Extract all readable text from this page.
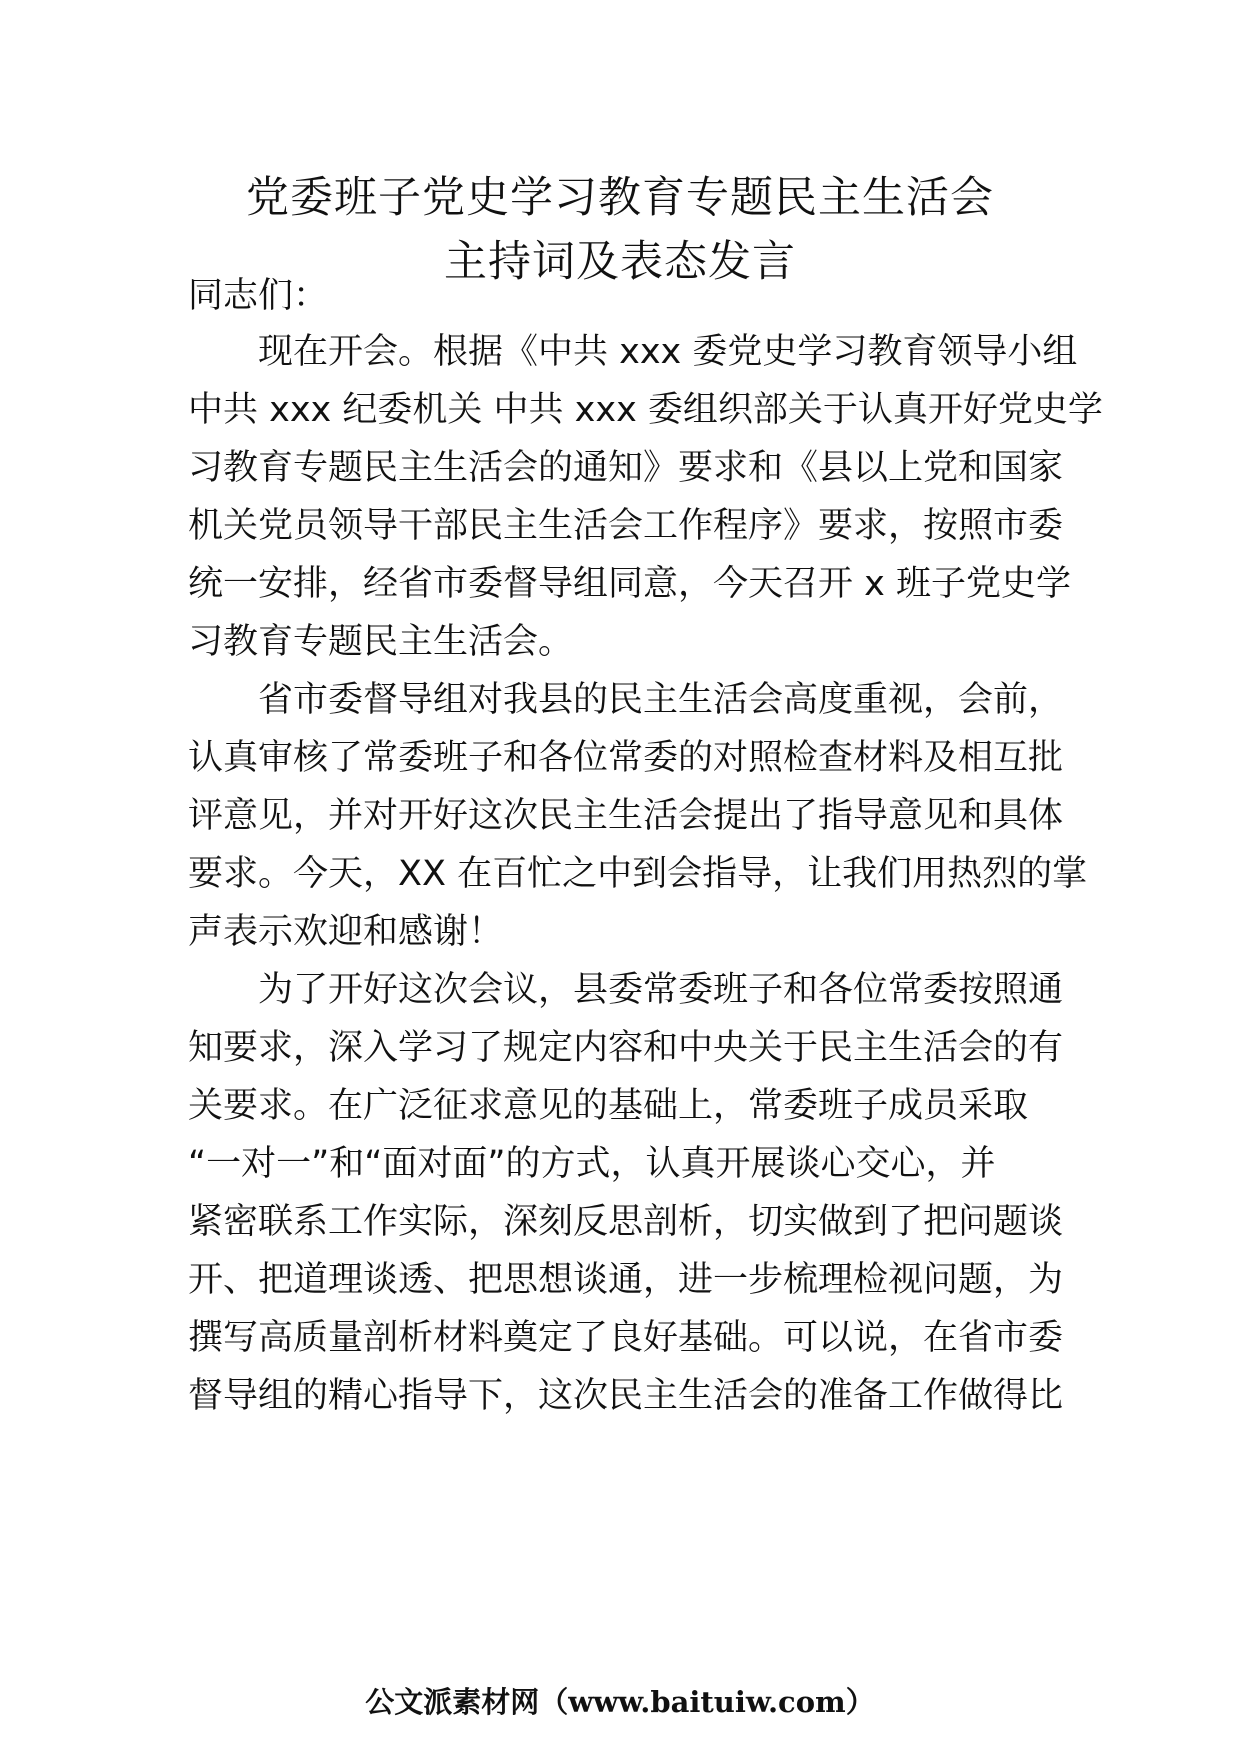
党委班子党史学习教育专题民主生活会
主持词及表态发言
同志们：
　　现在开会。根据《中共 xxx 委党史学习教育领导小组
中共 xxx 纪委机关 中共 xxx 委组织部关于认真开好党史学
习教育专题民主生活会的通知》要求和《县以上党和国家
机关党员领导干部民主生活会工作程序》要求，按照市委
统一安排，经省市委督导组同意，今天召开 x 班子党史学
习教育专题民主生活会。
　　省市委督导组对我县的民主生活会高度重视，会前，
认真审核了常委班子和各位常委的对照检查材料及相互批
评意见，并对开好这次民主生活会提出了指导意见和具体
要求。今天，XX 在百忙之中到会指导，让我们用热烈的掌
声表示欢迎和感谢！
　　为了开好这次会议，县委常委班子和各位常委按照通
知要求，深入学习了规定内容和中央关于民主生活会的有
关要求。在广泛征求意见的基础上，常委班子成员采取
“一对一”和“面对面”的方式，认真开展谈心交心，并
紧密联系工作实际，深刻反思剖析，切实做到了把问题谈
开、把道理谈透、把思想谈通，进一步梳理检视问题，为
撰写高质量剖析材料奠定了良好基础。可以说，在省市委
督导组的精心指导下，这次民主生活会的准备工作做得比
公文派素材网（www.baituiw.com）
